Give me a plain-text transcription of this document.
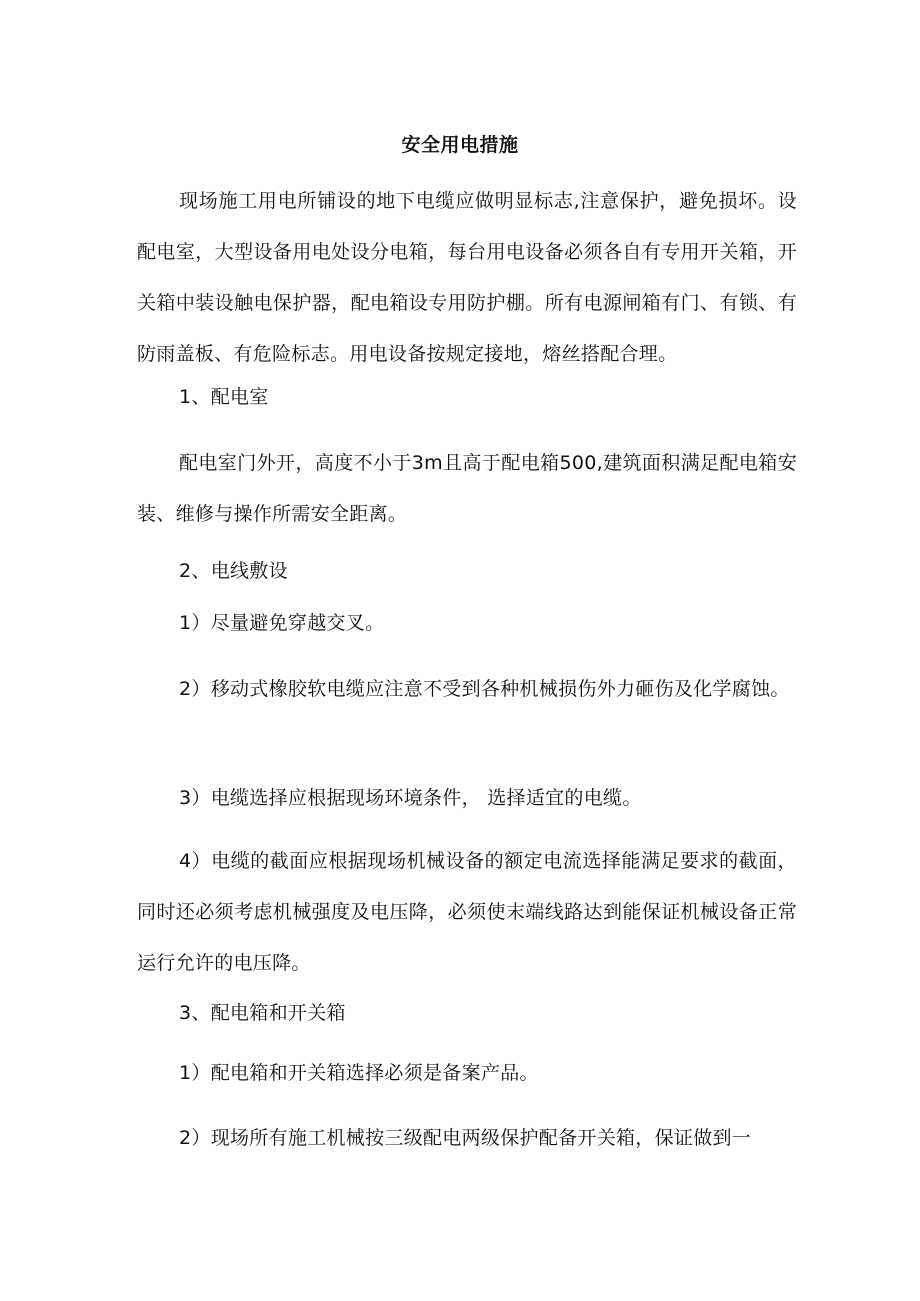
安全用电措施

现场施工用电所铺设的地下电缆应做明显标志,注意保护，避免损坏。设配电室，大型设备用电处设分电箱，每台用电设备必须各自有专用开关箱，开关箱中装设触电保护器，配电箱设专用防护棚。所有电源闸箱有门、有锁、有防雨盖板、有危险标志。用电设备按规定接地，熔丝搭配合理。

1、配电室

配电室门外开，高度不小于3m且高于配电箱500,建筑面积满足配电箱安装、维修与操作所需安全距离。

2、电线敷设

1）尽量避免穿越交叉。

2）移动式橡胶软电缆应注意不受到各种机械损伤外力砸伤及化学腐蚀。

3）电缆选择应根据现场环境条件， 选择适宜的电缆。

4）电缆的截面应根据现场机械设备的额定电流选择能满足要求的截面，同时还必须考虑机械强度及电压降，必须使末端线路达到能保证机械设备正常运行允许的电压降。

3、配电箱和开关箱

1）配电箱和开关箱选择必须是备案产品。

2）现场所有施工机械按三级配电两级保护配备开关箱，保证做到一
